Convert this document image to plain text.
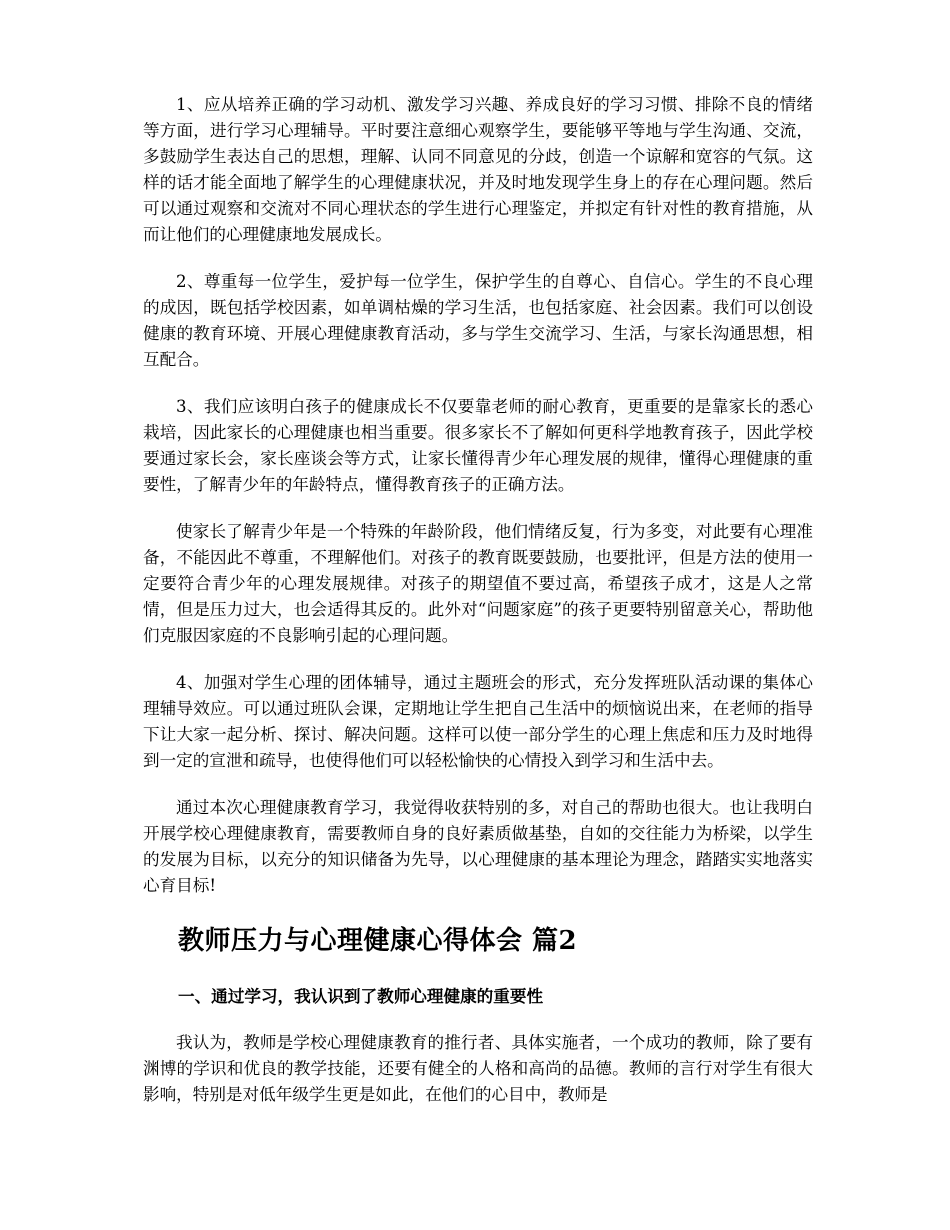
1、应从培养正确的学习动机、激发学习兴趣、养成良好的学习习惯、排除不良的情绪等方面，进行学习心理辅导。平时要注意细心观察学生，要能够平等地与学生沟通、交流，多鼓励学生表达自己的思想，理解、认同不同意见的分歧，创造一个谅解和宽容的气氛。这样的话才能全面地了解学生的心理健康状况，并及时地发现学生身上的存在心理问题。然后可以通过观察和交流对不同心理状态的学生进行心理鉴定，并拟定有针对性的教育措施，从而让他们的心理健康地发展成长。

2、尊重每一位学生，爱护每一位学生，保护学生的自尊心、自信心。学生的不良心理的成因，既包括学校因素，如单调枯燥的学习生活，也包括家庭、社会因素。我们可以创设健康的教育环境、开展心理健康教育活动，多与学生交流学习、生活，与家长沟通思想，相互配合。

3、我们应该明白孩子的健康成长不仅要靠老师的耐心教育，更重要的是靠家长的悉心栽培，因此家长的心理健康也相当重要。很多家长不了解如何更科学地教育孩子，因此学校要通过家长会，家长座谈会等方式，让家长懂得青少年心理发展的规律，懂得心理健康的重要性，了解青少年的年龄特点，懂得教育孩子的正确方法。

使家长了解青少年是一个特殊的年龄阶段，他们情绪反复，行为多变，对此要有心理准备，不能因此不尊重，不理解他们。对孩子的教育既要鼓励，也要批评，但是方法的使用一定要符合青少年的心理发展规律。对孩子的期望值不要过高，希望孩子成才，这是人之常情，但是压力过大，也会适得其反的。此外对“问题家庭”的孩子更要特别留意关心，帮助他们克服因家庭的不良影响引起的心理问题。

4、加强对学生心理的团体辅导，通过主题班会的形式，充分发挥班队活动课的集体心理辅导效应。可以通过班队会课，定期地让学生把自己生活中的烦恼说出来，在老师的指导下让大家一起分析、探讨、解决问题。这样可以使一部分学生的心理上焦虑和压力及时地得到一定的宣泄和疏导，也使得他们可以轻松愉快的心情投入到学习和生活中去。

通过本次心理健康教育学习，我觉得收获特别的多，对自己的帮助也很大。也让我明白开展学校心理健康教育，需要教师自身的良好素质做基垫，自如的交往能力为桥梁，以学生的发展为目标，以充分的知识储备为先导，以心理健康的基本理论为理念，踏踏实实地落实心育目标!

教师压力与心理健康心得体会 篇2
一、通过学习，我认识到了教师心理健康的重要性

我认为，教师是学校心理健康教育的推行者、具体实施者，一个成功的教师，除了要有渊博的学识和优良的教学技能，还要有健全的人格和高尚的品德。教师的言行对学生有很大影响，特别是对低年级学生更是如此，在他们的心目中，教师是
